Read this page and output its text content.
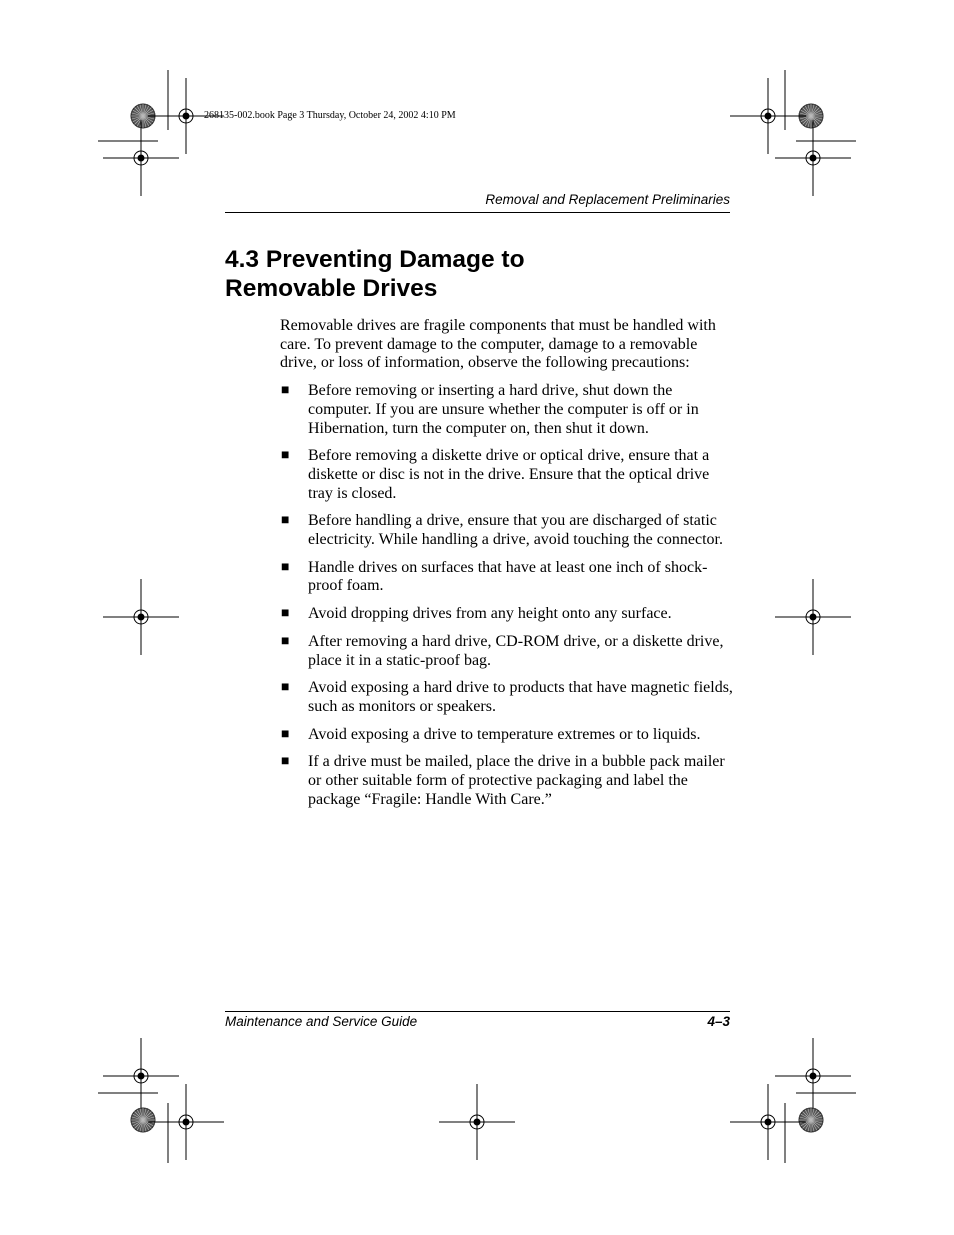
268135-002.book Page 3 Thursday, October 24, 2002 4:10 PM
Removal and Replacement Preliminaries
4.3 Preventing Damage to
Removable Drives

Removable drives are fragile components that must be handled with care. To prevent damage to the computer, damage to a removable drive, or loss of information, observe the following precautions:

■ Before removing or inserting a hard drive, shut down the computer. If you are unsure whether the computer is off or in Hibernation, turn the computer on, then shut it down.
■ Before removing a diskette drive or optical drive, ensure that a diskette or disc is not in the drive. Ensure that the optical drive tray is closed.
■ Before handling a drive, ensure that you are discharged of static electricity. While handling a drive, avoid touching the connector.
■ Handle drives on surfaces that have at least one inch of shock-proof foam.
■ Avoid dropping drives from any height onto any surface.
■ After removing a hard drive, CD-ROM drive, or a diskette drive, place it in a static-proof bag.
■ Avoid exposing a hard drive to products that have magnetic fields, such as monitors or speakers.
■ Avoid exposing a drive to temperature extremes or to liquids.
■ If a drive must be mailed, place the drive in a bubble pack mailer or other suitable form of protective packaging and label the package “Fragile: Handle With Care.”
Maintenance and Service Guide	4–3
